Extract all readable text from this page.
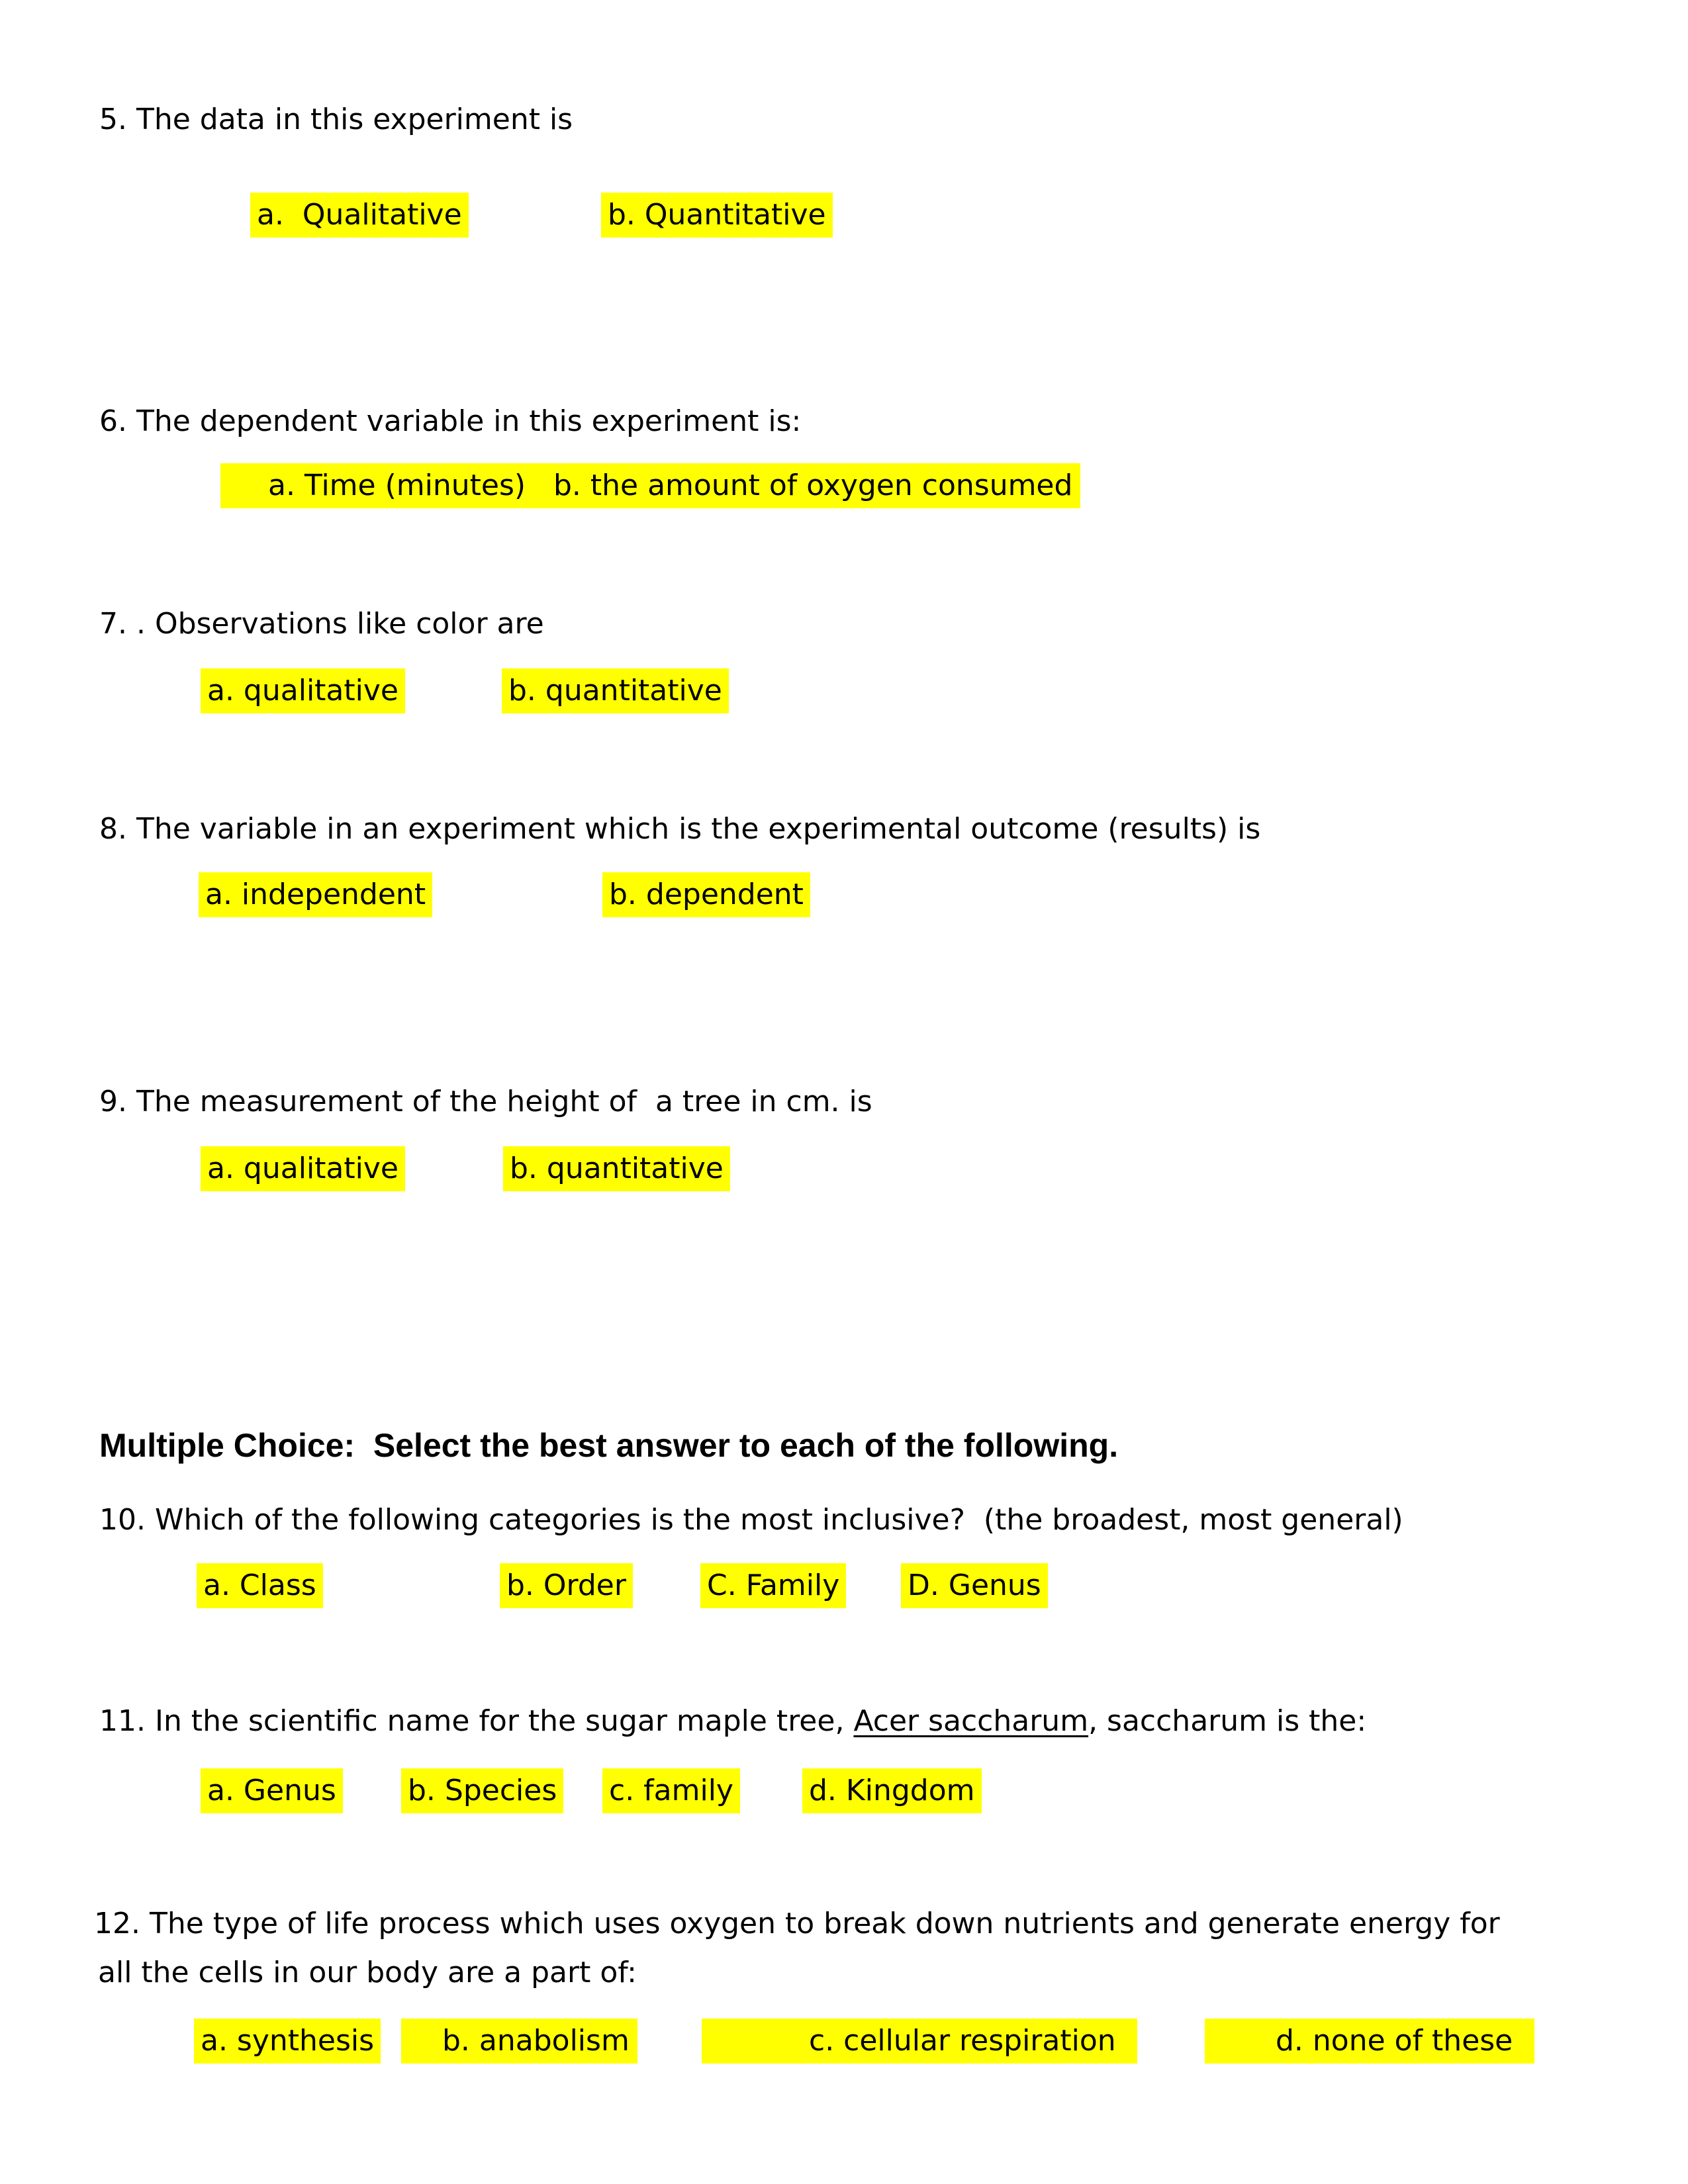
5. The data in this experiment is
a.  Qualitative	b. Quantitative
6. The dependent variable in this experiment is:
a. Time (minutes)   b. the amount of oxygen consumed
7. . Observations like color are
a. qualitative	b. quantitative
8. The variable in an experiment which is the experimental outcome (results) is
a. independent	b. dependent
9. The measurement of the height of  a tree in cm. is
a. qualitative	b. quantitative
Multiple Choice:  Select the best answer to each of the following.
10. Which of the following categories is the most inclusive?  (the broadest, most general)
a. Class	b. Order	C. Family D. Genus
11. In the scientific name for the sugar maple tree, Acer saccharum, saccharum is the:
a. Genus b. Species c. family	d. Kingdom
12. The type of life process which uses oxygen to break down nutrients and generate energy for
all the cells in our body are a part of:
a. synthesis	b. anabolism	c. cellular respiration	d. none of these
